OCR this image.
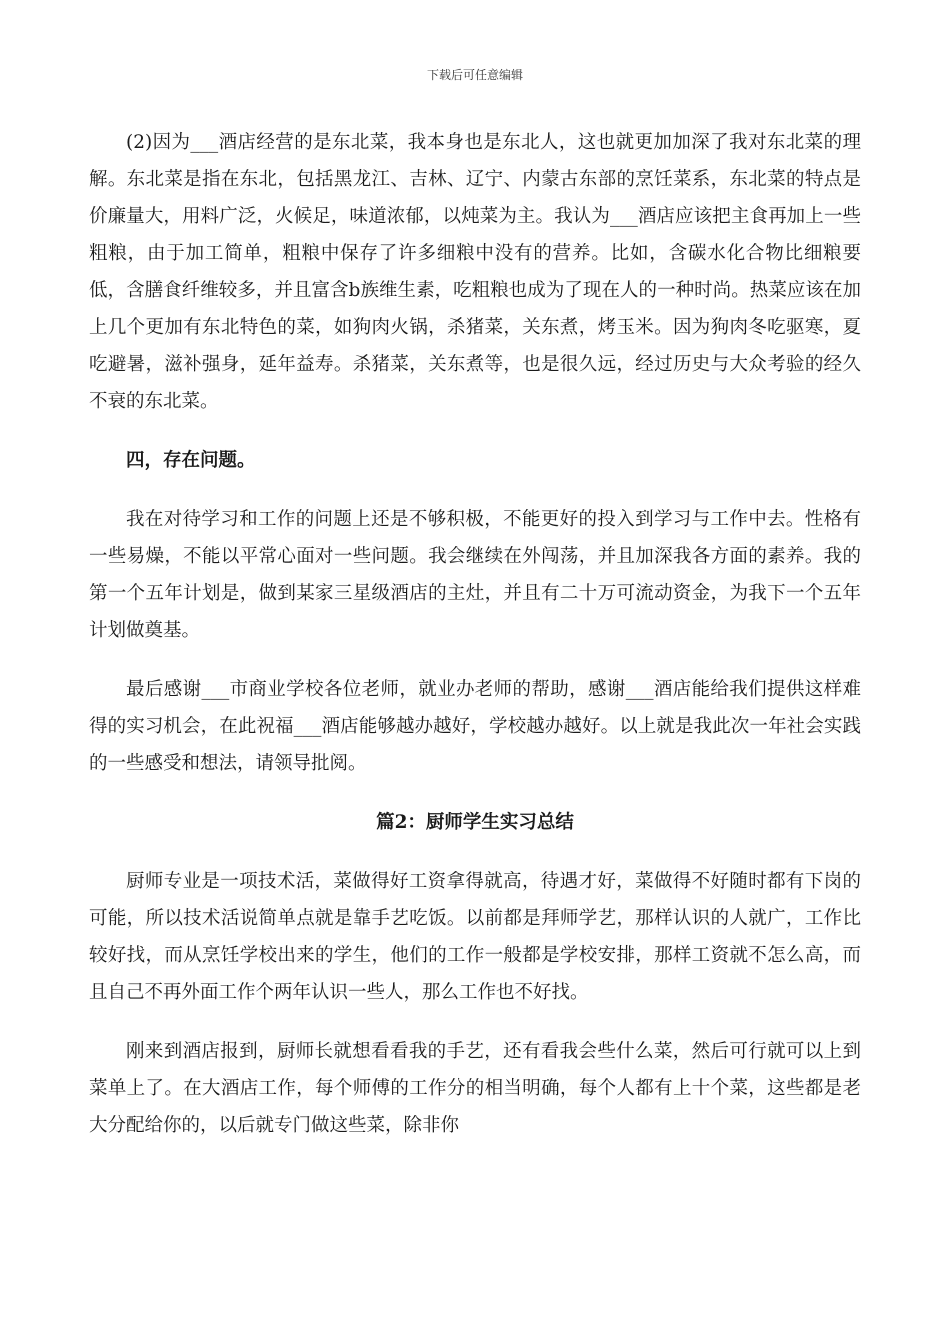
下载后可任意编辑

(2)因为___酒店经营的是东北菜，我本身也是东北人，这也就更加加深了我对东北菜的理解。东北菜是指在东北，包括黑龙江、吉林、辽宁、内蒙古东部的烹饪菜系，东北菜的特点是价廉量大，用料广泛，火候足，味道浓郁，以炖菜为主。我认为___酒店应该把主食再加上一些粗粮，由于加工简单，粗粮中保存了许多细粮中没有的营养。比如，含碳水化合物比细粮要低，含膳食纤维较多，并且富含b族维生素，吃粗粮也成为了现在人的一种时尚。热菜应该在加上几个更加有东北特色的菜，如狗肉火锅，杀猪菜，关东煮，烤玉米。因为狗肉冬吃驱寒，夏吃避暑，滋补强身，延年益寿。杀猪菜，关东煮等，也是很久远，经过历史与大众考验的经久不衰的东北菜。

四，存在问题。

我在对待学习和工作的问题上还是不够积极，不能更好的投入到学习与工作中去。性格有一些易燥，不能以平常心面对一些问题。我会继续在外闯荡，并且加深我各方面的素养。我的第一个五年计划是，做到某家三星级酒店的主灶，并且有二十万可流动资金，为我下一个五年计划做奠基。

最后感谢___市商业学校各位老师，就业办老师的帮助，感谢___酒店能给我们提供这样难得的实习机会，在此祝福___酒店能够越办越好，学校越办越好。以上就是我此次一年社会实践的一些感受和想法，请领导批阅。

篇2：厨师学生实习总结

厨师专业是一项技术活，菜做得好工资拿得就高，待遇才好，菜做得不好随时都有下岗的可能，所以技术活说简单点就是靠手艺吃饭。以前都是拜师学艺，那样认识的人就广，工作比较好找，而从烹饪学校出来的学生，他们的工作一般都是学校安排，那样工资就不怎么高，而且自己不再外面工作个两年认识一些人，那么工作也不好找。

刚来到酒店报到，厨师长就想看看我的手艺，还有看我会些什么菜，然后可行就可以上到菜单上了。在大酒店工作，每个师傅的工作分的相当明确，每个人都有上十个菜，这些都是老大分配给你的，以后就专门做这些菜，除非你
